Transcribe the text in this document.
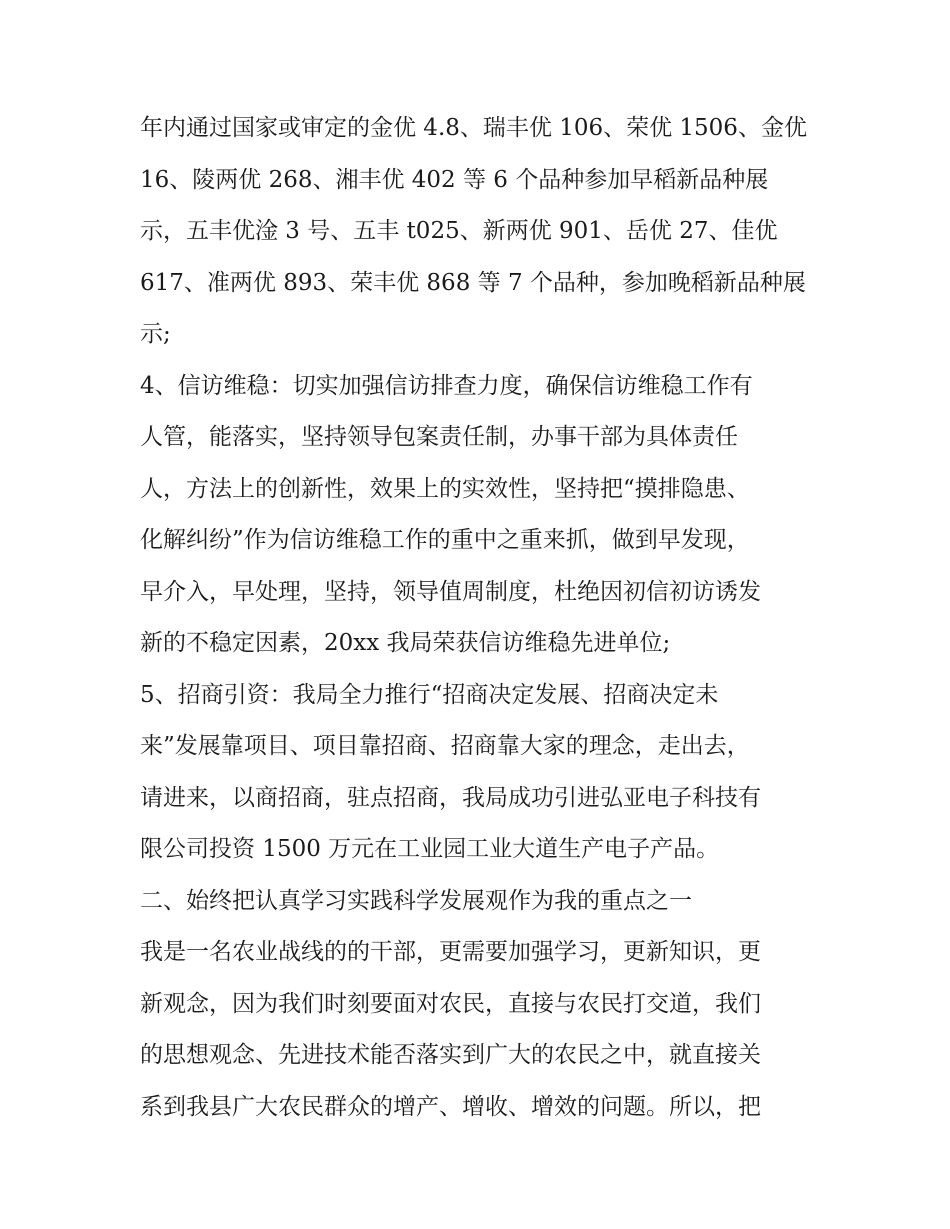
年内通过国家或审定的金优 4.8、瑞丰优 106、荣优 1506、金优
16、陵两优 268、湘丰优 402 等 6 个品种参加早稻新品种展
示，五丰优淦 3 号、五丰 t025、新两优 901、岳优 27、佳优
617、准两优 893、荣丰优 868 等 7 个品种，参加晚稻新品种展
示;
4、信访维稳：切实加强信访排查力度，确保信访维稳工作有
人管，能落实，坚持领导包案责任制，办事干部为具体责任
人，方法上的创新性，效果上的实效性，坚持把“摸排隐患、
化解纠纷”作为信访维稳工作的重中之重来抓，做到早发现，
早介入，早处理，坚持，领导值周制度，杜绝因初信初访诱发
新的不稳定因素，20xx 我局荣获信访维稳先进单位;
5、招商引资：我局全力推行“招商决定发展、招商决定未
来”发展靠项目、项目靠招商、招商靠大家的理念，走出去，
请进来，以商招商，驻点招商，我局成功引进弘亚电子科技有
限公司投资 1500 万元在工业园工业大道生产电子产品。
二、始终把认真学习实践科学发展观作为我的重点之一
我是一名农业战线的的干部，更需要加强学习，更新知识，更
新观念，因为我们时刻要面对农民，直接与农民打交道，我们
的思想观念、先进技术能否落实到广大的农民之中，就直接关
系到我县广大农民群众的增产、增收、增效的问题。所以，把
